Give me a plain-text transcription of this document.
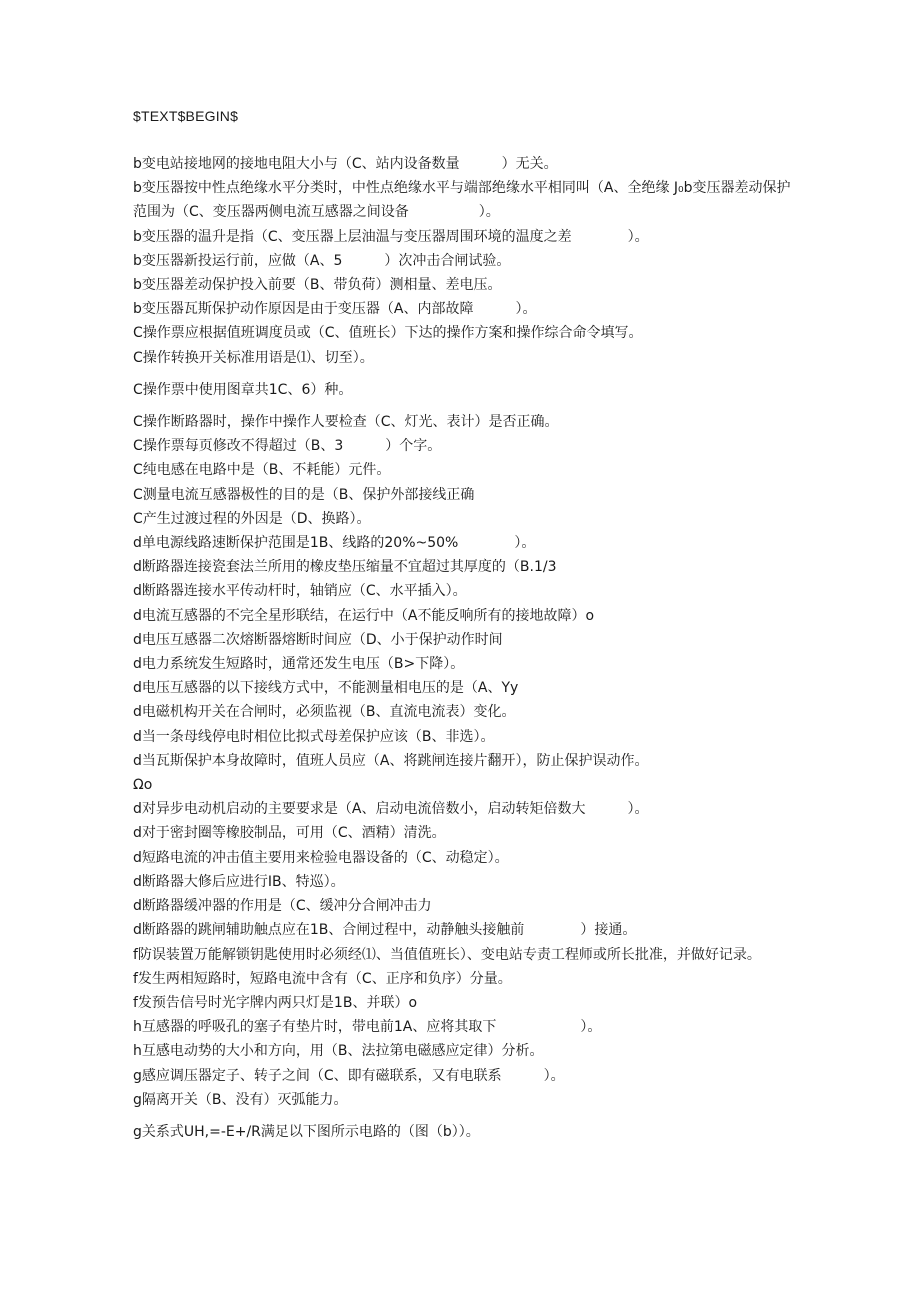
$TEXT$BEGIN$
b变电站接地网的接地电阻大小与（C、站内设备数量　　　）无关。
b变压器按中性点绝缘水平分类时，中性点绝缘水平与端部绝缘水平相同叫（A、全绝缘 J₀b变压器差动保护范围为（C、变压器两侧电流互感器之间设备　　　　　）。
b变压器的温升是指（C、变压器上层油温与变压器周围环境的温度之差　　　　）。
b变压器新投运行前，应做（A、5　　　）次冲击合闸试验。
b变压器差动保护投入前要（B、带负荷）测相量、差电压。
b变压器瓦斯保护动作原因是由于变压器（A、内部故障　　　）。
C操作票应根据值班调度员或（C、值班长）下达的操作方案和操作综合命令填写。
C操作转换开关标准用语是⑴、切至）。
C操作票中使用图章共1C、6）种。
C操作断路器时，操作中操作人要检查（C、灯光、表计）是否正确。
C操作票每页修改不得超过（B、3　　　）个字。
C纯电感在电路中是（B、不耗能）元件。
C测量电流互感器极性的目的是（B、保护外部接线正确
C产生过渡过程的外因是（D、换路）。
d单电源线路速断保护范围是1B、线路的20%~50%　　　　）。
d断路器连接瓷套法兰所用的橡皮垫压缩量不宜超过其厚度的（B.1/3
d断路器连接水平传动杆时，轴销应（C、水平插入）。
d电流互感器的不完全星形联结，在运行中（A不能反响所有的接地故障）o
d电压互感器二次熔断器熔断时间应（D、小于保护动作时间
d电力系统发生短路时，通常还发生电压（B>下降）。
d电压互感器的以下接线方式中，不能测量相电压的是（A、Yy
d电磁机构开关在合闸时，必须监视（B、直流电流表）变化。
d当一条母线停电时相位比拟式母差保护应该（B、非选）。
d当瓦斯保护本身故障时，值班人员应（A、将跳闸连接片翻开），防止保护误动作。
Ωo
d对异步电动机启动的主要要求是（A、启动电流倍数小，启动转矩倍数大　　　）。
d对于密封圈等橡胶制品，可用（C、酒精）清洗。
d短路电流的冲击值主要用来检验电器设备的（C、动稳定）。
d断路器大修后应进行IB、特巡）。
d断路器缓冲器的作用是（C、缓冲分合闸冲击力
d断路器的跳闸辅助触点应在1B、合闸过程中，动静触头接触前　　　　）接通。
f防误装置万能解锁钥匙使用时必须经⑴、当值值班长）、变电站专责工程师或所长批准，并做好记录。
f发生两相短路时，短路电流中含有（C、正序和负序）分量。
f发预告信号时光字牌内两只灯是1B、并联）o
h互感器的呼吸孔的塞子有垫片时，带电前1A、应将其取下　　　　　　）。
h互感电动势的大小和方向，用（B、法拉第电磁感应定律）分析。
g感应调压器定子、转子之间（C、即有磁联系，又有电联系　　　）。
g隔离开关（B、没有）灭弧能力。
g关系式UH,=-E+/R满足以下图所示电路的（图（b））。
